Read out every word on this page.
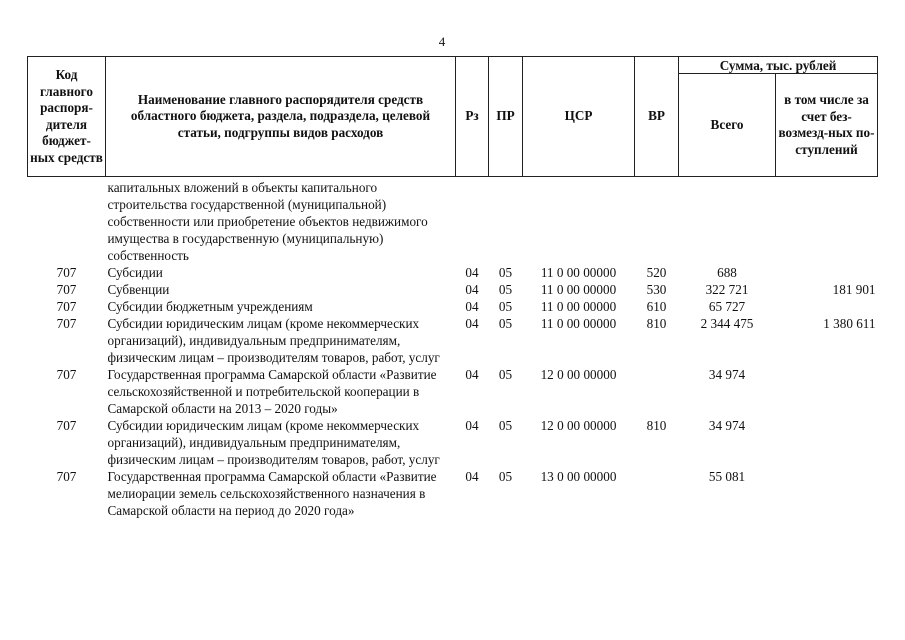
4
Код главного распоря-дителя бюджет-ных средств	Наименование главного распорядителя средств областного бюджета, раздела, подраздела, целевой статьи, подгруппы видов расходов	Рз	ПР	ЦСР	ВР	Сумма, тыс. рублей	
						Всего	в том числе за счет без-возмезд-ных по-ступлений
	капитальных вложений в объекты капитального строительства государственной (муниципальной) собственности или приобретение объектов недвижимого имущества в государственную (муниципальную) собственность						
707	Субсидии	04	05	11 0 00 00000	520	688	
707	Субвенции	04	05	11 0 00 00000	530	322 721	181 901
707	Субсидии бюджетным учреждениям	04	05	11 0 00 00000	610	65 727	
707	Субсидии юридическим лицам (кроме некоммерческих организаций), индивидуальным предпринимателям, физическим лицам – производителям товаров, работ, услуг	04	05	11 0 00 00000	810	2 344 475	1 380 611
707	Государственная программа Самарской области «Развитие сельскохозяйственной и потребительской кооперации в Самарской области на 2013 – 2020 годы»	04	05	12 0 00 00000		34 974	
707	Субсидии юридическим лицам (кроме некоммерческих организаций), индивидуальным предпринимателям, физическим лицам – производителям товаров, работ, услуг	04	05	12 0 00 00000	810	34 974	
707	Государственная программа Самарской области «Развитие мелиорации земель сельскохозяйственного назначения в Самарской области на период до 2020 года»	04	05	13 0 00 00000		55 081	
